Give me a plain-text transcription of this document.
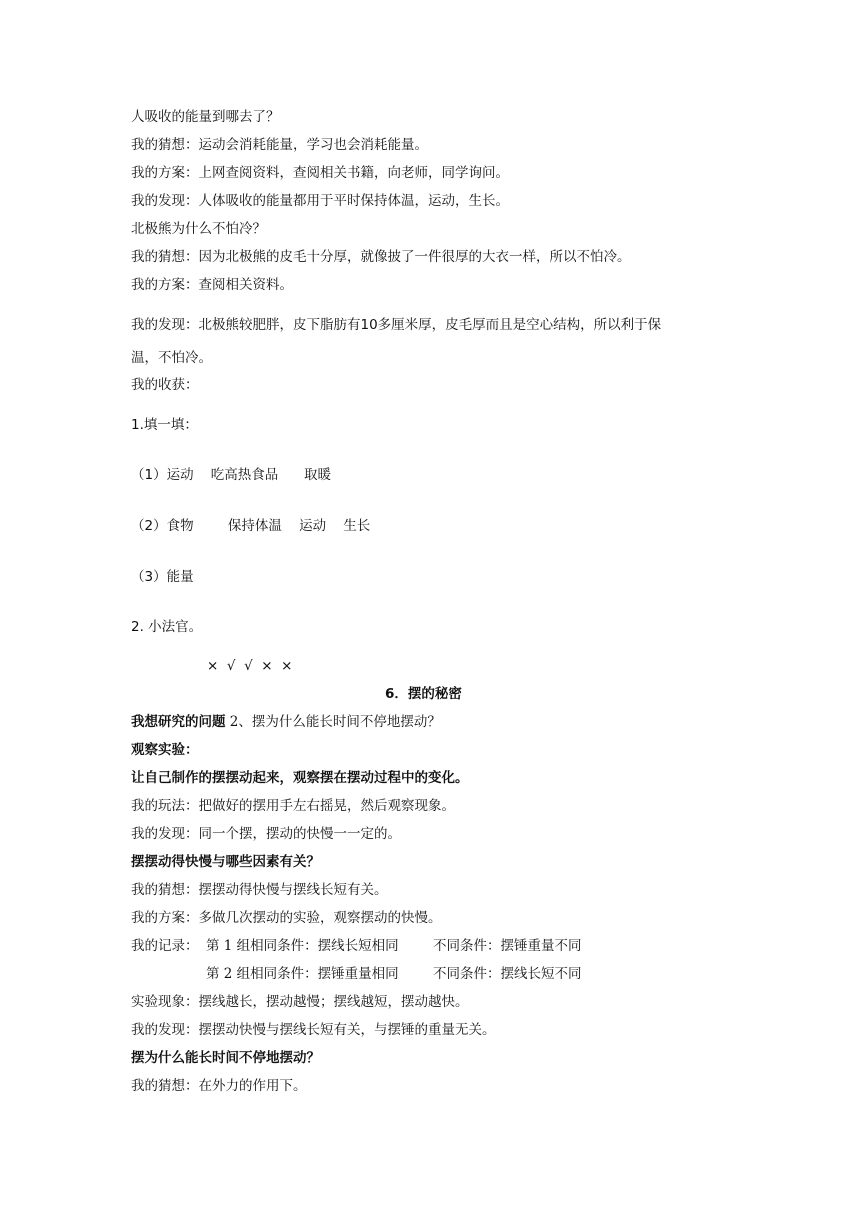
人吸收的能量到哪去了？
我的猜想：运动会消耗能量，学习也会消耗能量。
我的方案：上网查阅资料，查阅相关书籍，向老师，同学询问。
我的发现：人体吸收的能量都用于平时保持体温，运动，生长。
北极熊为什么不怕冷？
我的猜想：因为北极熊的皮毛十分厚，就像披了一件很厚的大衣一样，所以不怕冷。
我的方案：查阅相关资料。
我的发现：北极熊较肥胖，皮下脂肪有10多厘米厚，皮毛厚而且是空心结构，所以利于保
温，不怕冷。
我的收获：
1.填一填：
（1）运动    吃高热食品      取暖
（2）食物        保持体温    运动    生长
（3）能量
2. 小法官。
×  √  √  ×  ×
6．摆的秘密
我想研究的问题 2、摆为什么能长时间不停地摆动？
观察实验：
让自己制作的摆摆动起来，观察摆在摆动过程中的变化。
我的玩法：把做好的摆用手左右摇晃，然后观察现象。
我的发现：同一个摆，摆动的快慢一一定的。
摆摆动得快慢与哪些因素有关？
我的猜想：摆摆动得快慢与摆线长短有关。
我的方案：多做几次摆动的实验，观察摆动的快慢。
我的记录： 第 1 组相同条件：摆线长短相同        不同条件：摆锤重量不同
第 2 组相同条件：摆锤重量相同        不同条件：摆线长短不同
实验现象：摆线越长，摆动越慢；摆线越短，摆动越快。
我的发现：摆摆动快慢与摆线长短有关，与摆锤的重量无关。
摆为什么能长时间不停地摆动？
我的猜想：在外力的作用下。
